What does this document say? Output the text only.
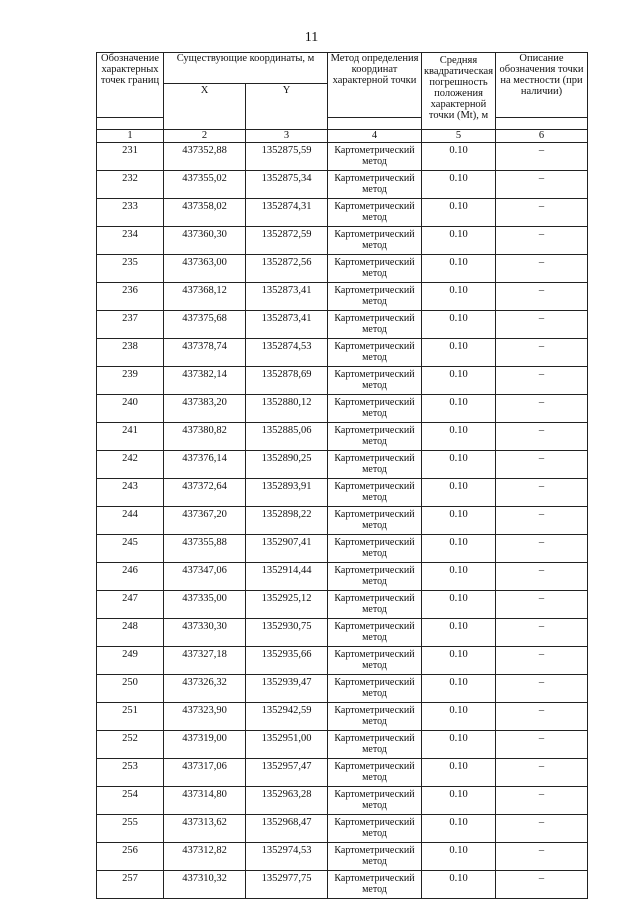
11
Обозначение характерных точек границ	Существующие координаты, м		Метод определения координат характерной точки	Средняя квадратическая погрешность положения характерной точки (Mt), м	Описание обозначения точки на местности (при наличии)
	X	Y			

1	2	3	4	5	6
231	437352,88	1352875,59	Картометрический метод	0.10	–
232	437355,02	1352875,34	Картометрический метод	0.10	–
233	437358,02	1352874,31	Картометрический метод	0.10	–
234	437360,30	1352872,59	Картометрический метод	0.10	–
235	437363,00	1352872,56	Картометрический метод	0.10	–
236	437368,12	1352873,41	Картометрический метод	0.10	–
237	437375,68	1352873,41	Картометрический метод	0.10	–
238	437378,74	1352874,53	Картометрический метод	0.10	–
239	437382,14	1352878,69	Картометрический метод	0.10	–
240	437383,20	1352880,12	Картометрический метод	0.10	–
241	437380,82	1352885,06	Картометрический метод	0.10	–
242	437376,14	1352890,25	Картометрический метод	0.10	–
243	437372,64	1352893,91	Картометрический метод	0.10	–
244	437367,20	1352898,22	Картометрический метод	0.10	–
245	437355,88	1352907,41	Картометрический метод	0.10	–
246	437347,06	1352914,44	Картометрический метод	0.10	–
247	437335,00	1352925,12	Картометрический метод	0.10	–
248	437330,30	1352930,75	Картометрический метод	0.10	–
249	437327,18	1352935,66	Картометрический метод	0.10	–
250	437326,32	1352939,47	Картометрический метод	0.10	–
251	437323,90	1352942,59	Картометрический метод	0.10	–
252	437319,00	1352951,00	Картометрический метод	0.10	–
253	437317,06	1352957,47	Картометрический метод	0.10	–
254	437314,80	1352963,28	Картометрический метод	0.10	–
255	437313,62	1352968,47	Картометрический метод	0.10	–
256	437312,82	1352974,53	Картометрический метод	0.10	–
257	437310,32	1352977,75	Картометрический метод	0.10	–
